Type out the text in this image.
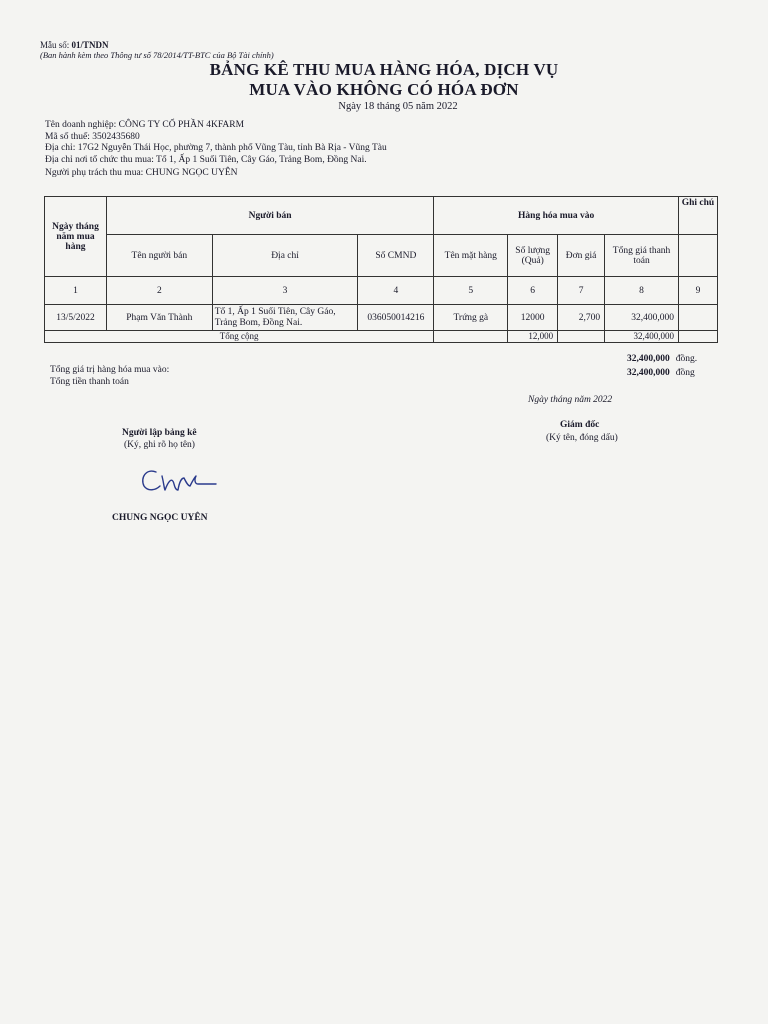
Mẫu số: 01/TNDN
(Ban hành kèm theo Thông tư số 78/2014/TT-BTC của Bộ Tài chính)
BẢNG KÊ THU MUA HÀNG HÓA, DỊCH VỤ
MUA VÀO KHÔNG CÓ HÓA ĐƠN
Ngày 18 tháng 05 năm 2022
Tên doanh nghiệp: CÔNG TY CỔ PHẦN 4KFARM
Mã số thuế: 3502435680
Địa chỉ: 17G2 Nguyễn Thái Học, phường 7, thành phố Vũng Tàu, tỉnh Bà Rịa - Vũng Tàu
Địa chỉ nơi tổ chức thu mua: Tổ 1, Ấp 1 Suối Tiên, Cây Gáo, Trảng Bom, Đồng Nai.
Người phụ trách thu mua: CHUNG NGỌC UYÊN
Ngày tháng năm mua hàng	Người bán			Hàng hóa mua vào				Ghi chú
	Tên người bán	Địa chỉ	Số CMND	Tên mặt hàng	Số lượng (Quả)	Đơn giá	Tổng giá thanh toán	
1	2	3	4	5	6	7	8	9
13/5/2022	Phạm Văn Thành	Tổ 1, Ấp 1 Suối Tiên, Cây Gáo, Trảng Bom, Đồng Nai.	036050014216	Trứng gà	12000	2,700	32,400,000	
Tổng cộng					12,000		32,400,000	
Tổng giá trị hàng hóa mua vào:
Tổng tiền thanh toán
32,400,000 đồng.
32,400,000 đồng
Ngày tháng năm 2022
Người lập bảng kê
(Ký, ghi rõ họ tên)
Giám đốc
(Ký tên, đóng dấu)
CHUNG NGỌC UYÊN
